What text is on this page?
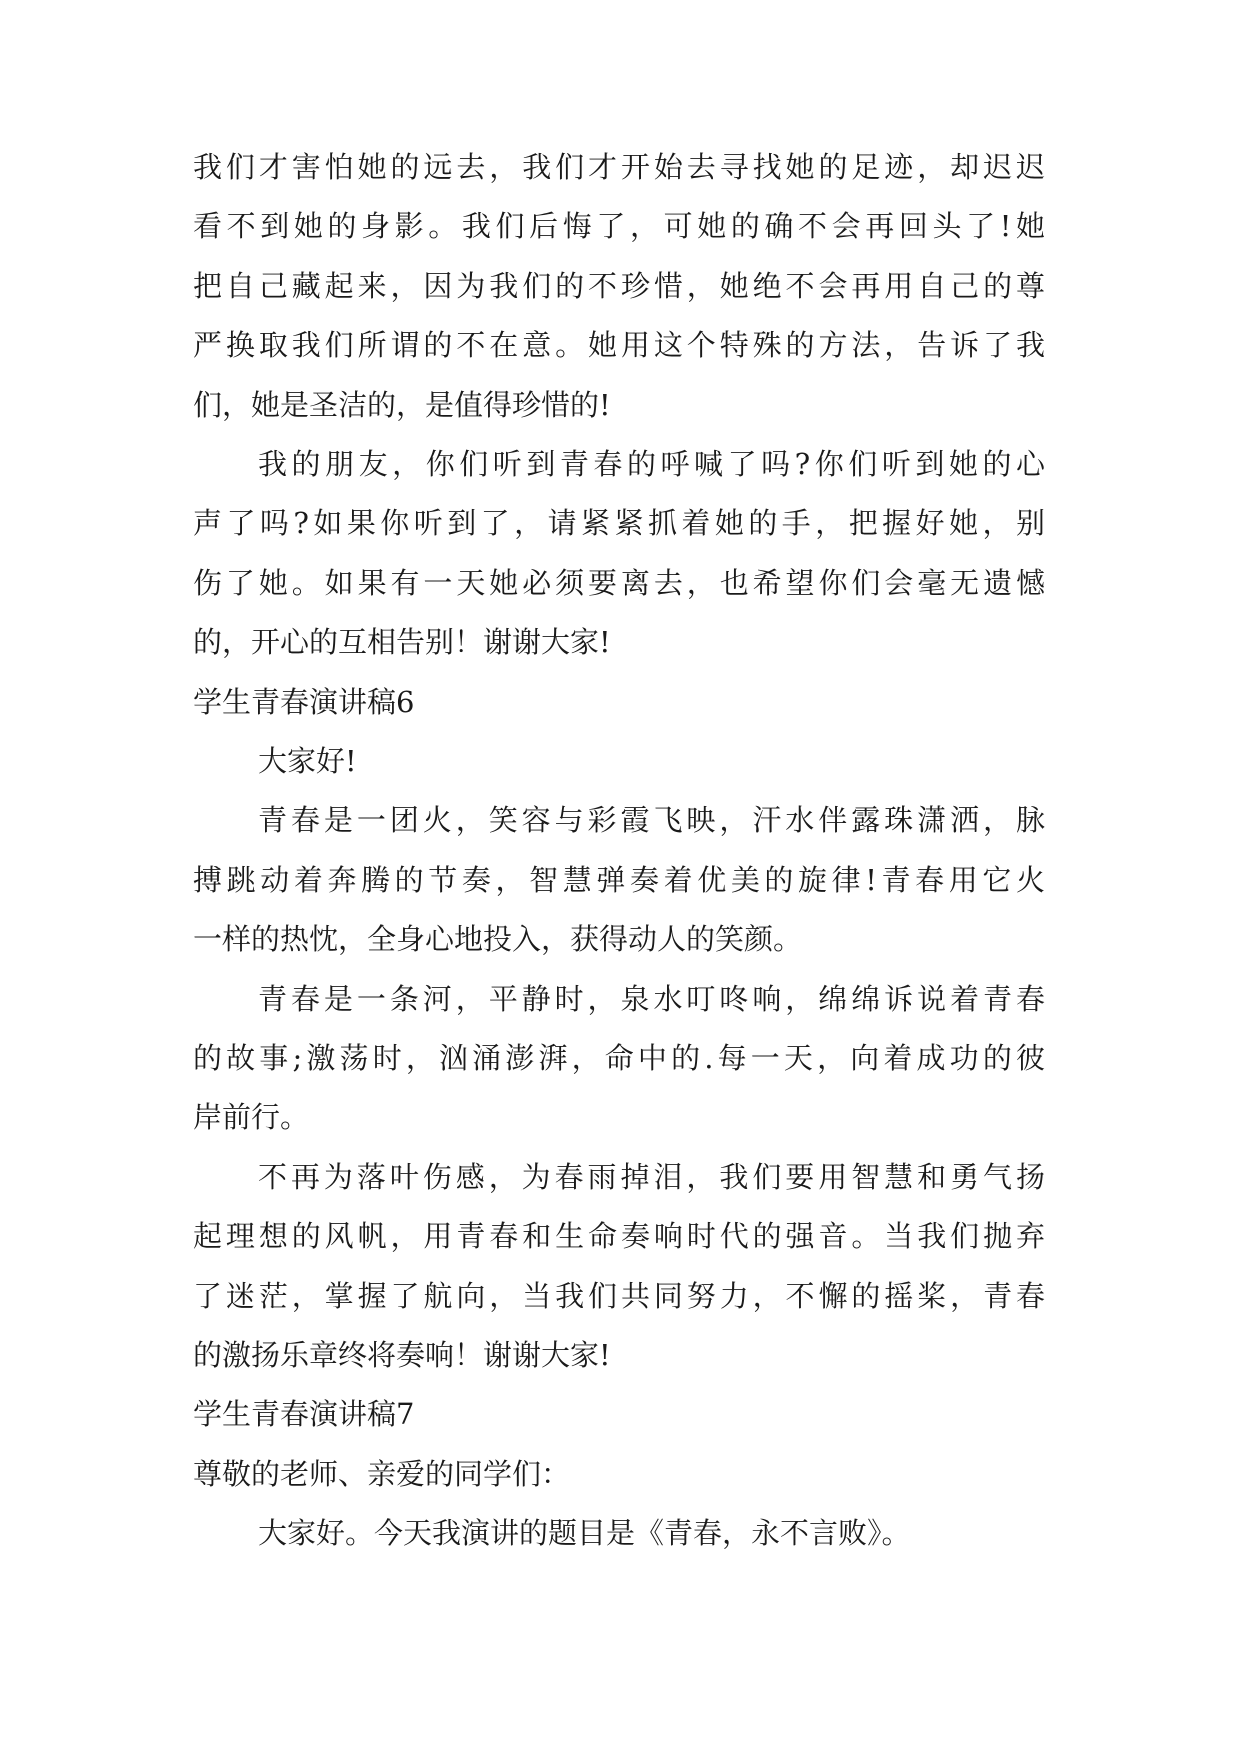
我们才害怕她的远去，我们才开始去寻找她的足迹，却迟迟
看不到她的身影。我们后悔了，可她的确不会再回头了!她
把自己藏起来，因为我们的不珍惜，她绝不会再用自己的尊
严换取我们所谓的不在意。她用这个特殊的方法，告诉了我
们，她是圣洁的，是值得珍惜的!
我的朋友，你们听到青春的呼喊了吗?你们听到她的心
声了吗?如果你听到了，请紧紧抓着她的手，把握好她，别
伤了她。如果有一天她必须要离去，也希望你们会毫无遗憾
的，开心的互相告别！谢谢大家!
学生青春演讲稿6
大家好!
青春是一团火，笑容与彩霞飞映，汗水伴露珠潇洒，脉
搏跳动着奔腾的节奏，智慧弹奏着优美的旋律!青春用它火
一样的热忱，全身心地投入，获得动人的笑颜。
青春是一条河，平静时，泉水叮咚响，绵绵诉说着青春
的故事;激荡时，汹涌澎湃，命中的.每一天，向着成功的彼
岸前行。
不再为落叶伤感，为春雨掉泪，我们要用智慧和勇气扬
起理想的风帆，用青春和生命奏响时代的强音。当我们抛弃
了迷茫，掌握了航向，当我们共同努力，不懈的摇桨，青春
的激扬乐章终将奏响！谢谢大家!
学生青春演讲稿7
尊敬的老师、亲爱的同学们：
大家好。今天我演讲的题目是《青春，永不言败》。
